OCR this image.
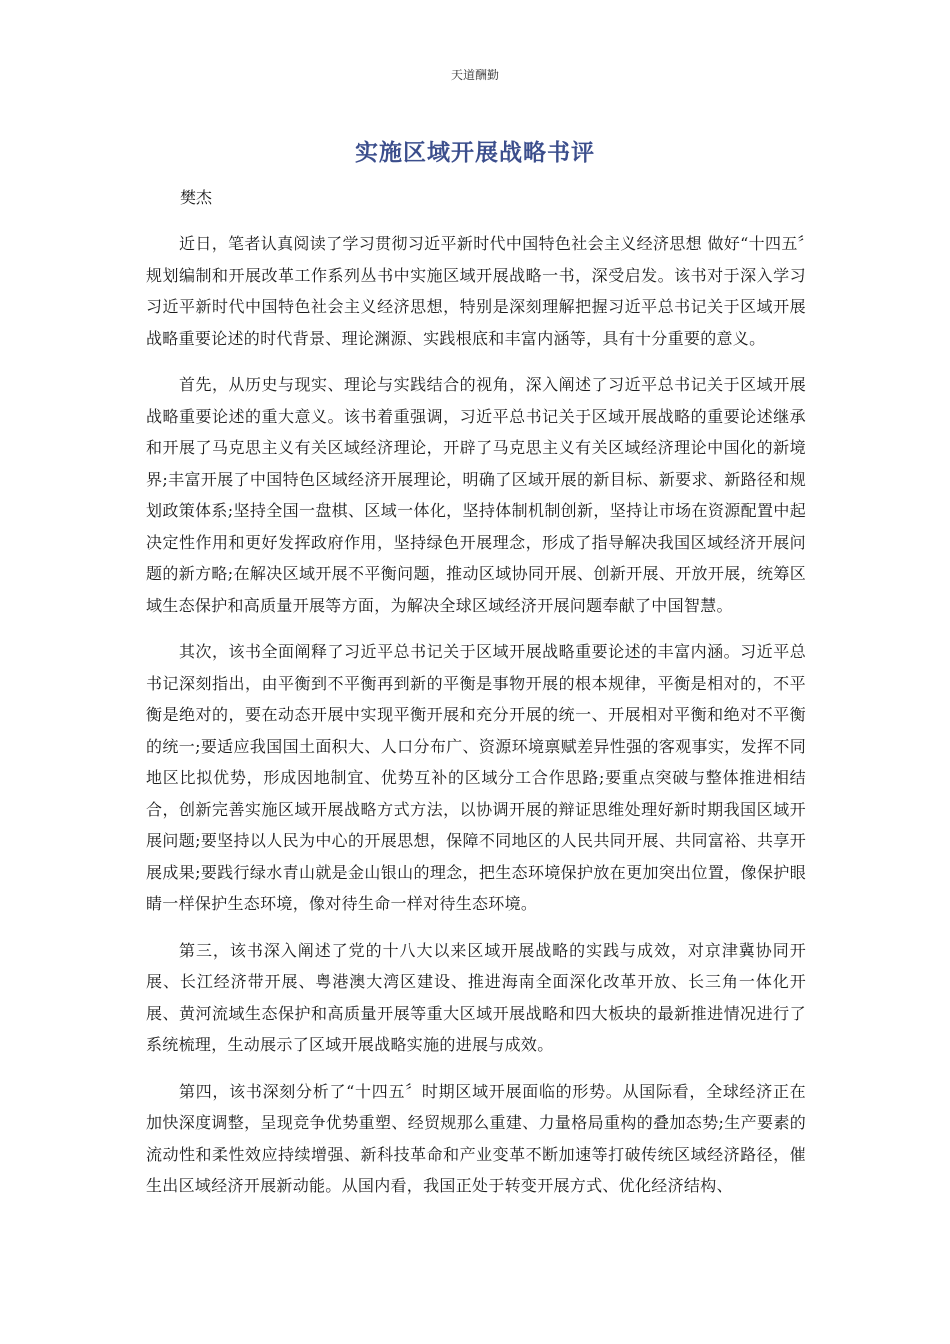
天道酬勤
实施区域开展战略书评
樊杰

近日，笔者认真阅读了学习贯彻习近平新时代中国特色社会主义经济思想 做好“十四五〞规划编制和开展改革工作系列丛书中实施区域开展战略一书，深受启发。该书对于深入学习习近平新时代中国特色社会主义经济思想，特别是深刻理解把握习近平总书记关于区域开展战略重要论述的时代背景、理论渊源、实践根底和丰富内涵等，具有十分重要的意义。

首先，从历史与现实、理论与实践结合的视角，深入阐述了习近平总书记关于区域开展战略重要论述的重大意义。该书着重强调，习近平总书记关于区域开展战略的重要论述继承和开展了马克思主义有关区域经济理论，开辟了马克思主义有关区域经济理论中国化的新境界;丰富开展了中国特色区域经济开展理论，明确了区域开展的新目标、新要求、新路径和规划政策体系;坚持全国一盘棋、区域一体化，坚持体制机制创新，坚持让市场在资源配置中起决定性作用和更好发挥政府作用，坚持绿色开展理念，形成了指导解决我国区域经济开展问题的新方略;在解决区域开展不平衡问题，推动区域协同开展、创新开展、开放开展，统筹区域生态保护和高质量开展等方面，为解决全球区域经济开展问题奉献了中国智慧。

其次，该书全面阐释了习近平总书记关于区域开展战略重要论述的丰富内涵。习近平总书记深刻指出，由平衡到不平衡再到新的平衡是事物开展的根本规律，平衡是相对的，不平衡是绝对的，要在动态开展中实现平衡开展和充分开展的统一、开展相对平衡和绝对不平衡的统一;要适应我国国土面积大、人口分布广、资源环境禀赋差异性强的客观事实，发挥不同地区比拟优势，形成因地制宜、优势互补的区域分工合作思路;要重点突破与整体推进相结合，创新完善实施区域开展战略方式方法，以协调开展的辩证思维处理好新时期我国区域开展问题;要坚持以人民为中心的开展思想，保障不同地区的人民共同开展、共同富裕、共享开展成果;要践行绿水青山就是金山银山的理念，把生态环境保护放在更加突出位置，像保护眼睛一样保护生态环境，像对待生命一样对待生态环境。

第三，该书深入阐述了党的十八大以来区域开展战略的实践与成效，对京津冀协同开展、长江经济带开展、粤港澳大湾区建设、推进海南全面深化改革开放、长三角一体化开展、黄河流域生态保护和高质量开展等重大区域开展战略和四大板块的最新推进情况进行了系统梳理，生动展示了区域开展战略实施的进展与成效。

第四，该书深刻分析了“十四五〞时期区域开展面临的形势。从国际看，全球经济正在加快深度调整，呈现竞争优势重塑、经贸规那么重建、力量格局重构的叠加态势;生产要素的流动性和柔性效应持续增强、新科技革命和产业变革不断加速等打破传统区域经济路径，催生出区域经济开展新动能。从国内看，我国正处于转变开展方式、优化经济结构、
